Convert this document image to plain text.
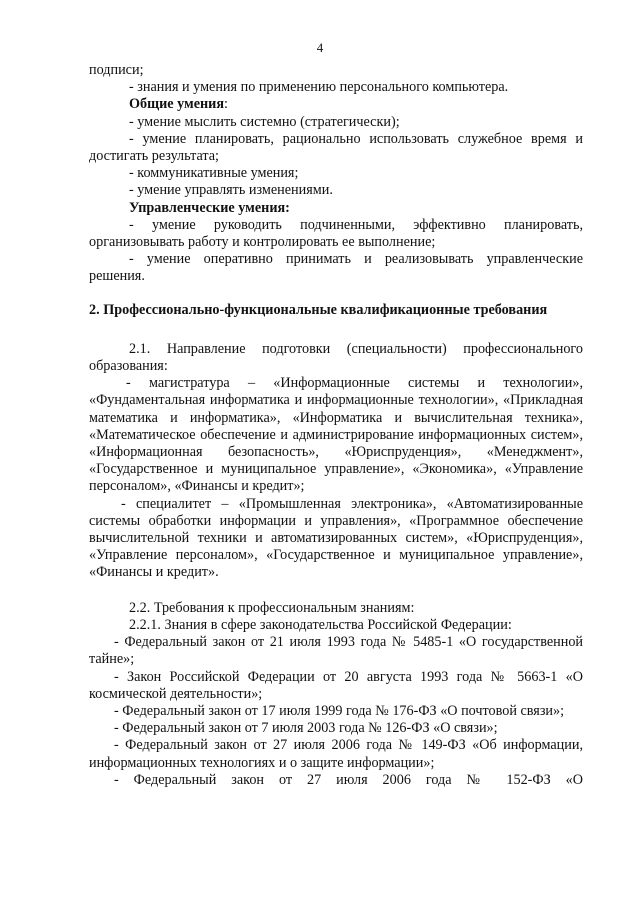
4

подписи;

- знания и умения по применению персонального компьютера.

Общие умения:

- умение мыслить системно (стратегически);

- умение планировать, рационально использовать служебное время и достигать результата;

- коммуникативные умения;

- умение управлять изменениями.

Управленческие умения:

- умение руководить подчиненными, эффективно планировать, организовывать работу и контролировать ее выполнение;

- умение оперативно принимать и реализовывать управленческие решения.

2. Профессионально-функциональные квалификационные требования

2.1. Направление подготовки (специальности) профессионального образования:

- магистратура – «Информационные системы и технологии», «Фундаментальная информатика и информационные технологии», «Прикладная математика и информатика», «Информатика и вычислительная техника», «Математическое обеспечение и администрирование информационных систем», «Информационная безопасность», «Юриспруденция», «Менеджмент», «Государственное и муниципальное управление», «Экономика», «Управление персоналом», «Финансы и кредит»;

- специалитет – «Промышленная электроника», «Автоматизированные системы обработки информации и управления», «Программное обеспечение вычислительной техники и автоматизированных систем», «Юриспруденция», «Управление персоналом», «Государственное и муниципальное управление», «Финансы и кредит».

2.2. Требования к профессиональным знаниям:

2.2.1. Знания в сфере законодательства Российской Федерации:

- Федеральный закон от 21 июля 1993 года № 5485-1 «О государственной тайне»;

- Закон Российской Федерации от 20 августа 1993 года № 5663-1 «О космической деятельности»;

- Федеральный закон от 17 июля 1999 года № 176-ФЗ «О почтовой связи»;

- Федеральный закон от 7 июля 2003 года № 126-ФЗ «О связи»;

- Федеральный закон от 27 июля 2006 года № 149-ФЗ «Об информации, информационных технологиях и о защите информации»;

- Федеральный закон от 27 июля 2006 года № 152-ФЗ «О
